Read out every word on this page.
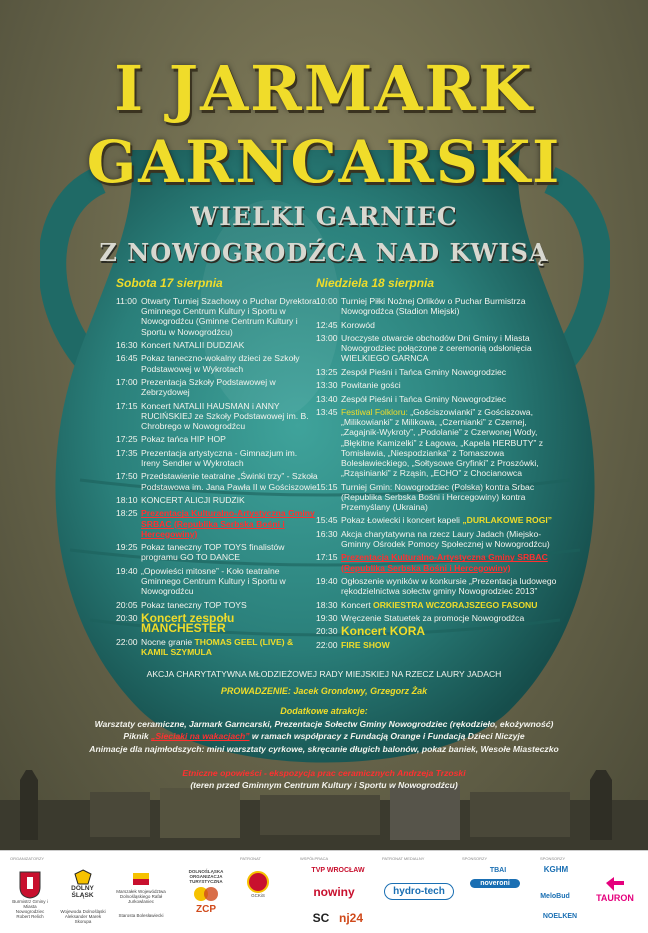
I JARMARK
GARNCARSKI
WIELKI GARNIEC
Z NOWOGRODŹCA NAD KWISĄ
Sobota 17 sierpnia	Niedziela 18 sierpnia
11:00 Otwarty Turniej Szachowy o Puchar Dyrektora Gminnego Centrum Kultury i Sportu w Nowogrodźcu (Gminne Centrum Kultury i Sportu w Nowogrodźcu)
16:30 Koncert NATALII DUDZIAK
16:45 Pokaz taneczno-wokalny dzieci ze Szkoły Podstawowej w Wykrotach
17:00 Prezentacja Szkoły Podstawowej w Zebrzydowej
17:15 Koncert NATALII HAUSMAN i ANNY RUCIŃSKIEJ ze Szkoły Podstawowej im. B. Chrobrego w Nowogrodźcu
17:25 Pokaz tańca HIP HOP
17:35 Prezentacja artystyczna - Gimnazjum im. Ireny Sendler w Wykrotach
17:50 Przedstawienie teatralne „Świnki trzy” - Szkoła Podstawowa im. Jana Pawła II w Gościszowie
18:10 KONCERT ALICJI RUDZIK
18:25 Prezentacja Kulturalno-Artystyczna Gminy SRBAC (Republika Serbska Bośni i Hercegowiny)
19:25 Pokaz taneczny TOP TOYS finalistów programu GO TO DANCE
19:40 „Opowieści mitosne” - Koło teatralne Gminnego Centrum Kultury i Sportu w Nowogrodźcu
20:05 Pokaz taneczny TOP TOYS
20:30 Koncert zespołu MANCHESTER
22:00 Nocne granie THOMAS GEEL (LIVE) & KAMIL SZYMULA
10:00 Turniej Piłki Nożnej Orlików o Puchar Burmistrza Nowogrodźca (Stadion Miejski)
12:45 Korowód
13:00 Uroczyste otwarcie obchodów Dni Gminy i Miasta Nowogrodziec połączone z ceremonią odsłonięcia WIELKIEGO GARNCA
13:25 Zespół Pieśni i Tańca Gminy Nowogrodziec
13:30 Powitanie gości
13:40 Zespół Pieśni i Tańca Gminy Nowogrodziec
13:45 Festiwal Folkloru: „Gościszowianki” z Gościszowa, „Milikowianki” z Milikowa, „Czernianki” z Czernej, „Zagajnik-Wykroty”, „Podolanie” z Czerwonej Wody, „Błękitne Kamizelki” z Łagowa, „Kapela HERBUTY” z Tomisławia, „Niespodzianka” z Tomaszowa Bolesławieckiego, „Sołtysowe Gryfinki” z Proszówki, „Rząsinianki” z Rząsin, „ECHO” z Chocianowca
15:15 Turniej Gmin: Nowogrodziec (Polska) kontra Srbac (Republika Serbska Bośni i Hercegowiny) kontra Przemyślany (Ukraina)
15:45 Pokaz Łowiecki i koncert kapeli „DURLAKOWE ROGI”
16:30 Akcja charytatywna na rzecz Laury Jadach (Miejsko-Gminny Ośrodek Pomocy Społecznej w Nowogrodźcu)
17:15 Prezentacja Kulturalno-Artystyczna Gminy SRBAC (Republika Serbska Bośni i Hercegowiny)
19:40 Ogłoszenie wyników w konkursie „Prezentacja ludowego rękodzielnictwa sołectw gminy Nowogrodziec 2013”
18:30 Koncert ORKIESTRA WCZORAJSZEGO FASONU
19:30 Wręczenie Statuetek za promocje Nowogrodźca
20:30 Koncert KORA
22:00 FIRE SHOW
AKCJA CHARYTATYWNA MŁODZIEŻOWEJ RADY MIEJSKIEJ NA RZECZ LAURY JADACH
PROWADZENIE: Jacek Grondowy, Grzegorz Żak
Dodatkowe atrakcje:
Warsztaty ceramiczne, Jarmark Garncarski, Prezentacje Sołectw Gminy Nowogrodziec (rękodzieło, ekożywność)
Piknik „Sieciaki na wakacjach” w ramach współpracy z Fundacją Orange i Fundacją Dzieci Niczyje
Animacje dla najmłodszych: mini warsztaty cyrkowe, skręcanie długich balonów, pokaz baniek, Wesołe Miasteczko
Etniczne opowieści - ekspozycja prac ceramicznych Andrzeja Trzoski
(teren przed Gminnym Centrum Kultury i Sportu w Nowogrodźcu)
ORGANIZATORZY	PATRONAT	WSPÓŁPRACA	PATRONAT MEDIALNY	SPONSORZY	SPONSORZY
Burmistrz Gminy i Miasta Nowogrodziec Robert Relich
DOLNY ŚLĄSK
Wojewoda Dolnośląski Aleksander Marek Skorupa
Marszałek Województwa Dolnośląskiego Rafał Jurkowlaniec
Starosta Bolesławiecki
DOLNOŚLĄSKA ORGANIZACJA TURYSTYCZNA
ZCP
GCKiS
TVP WROCŁAW
nowiny
SC nj24
hydro-tech
TBAI
noveroni
KGHM
MeloBud
NOELKEN
TAURON
